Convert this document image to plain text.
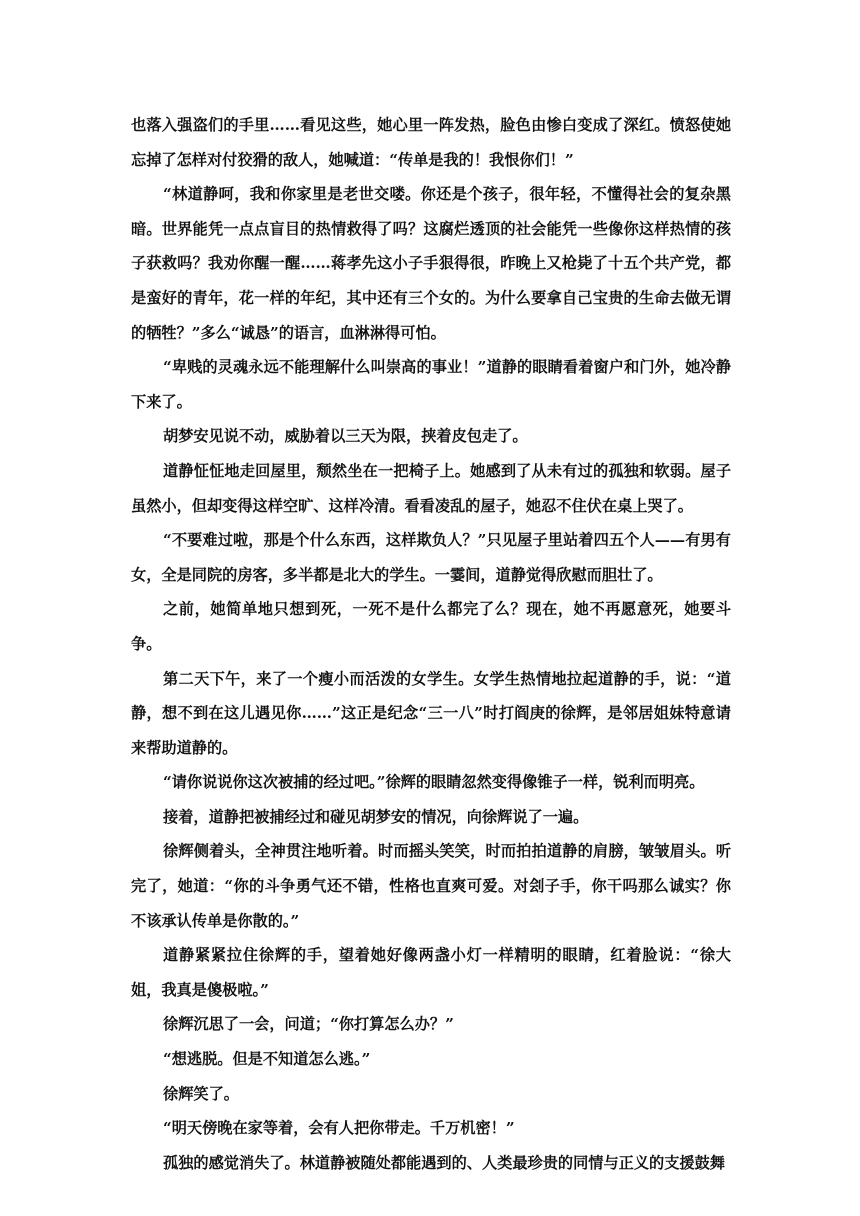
也落入强盗们的手里……看见这些，她心里一阵发热，脸色由惨白变成了深红。愤怒使她忘掉了怎样对付狡猾的敌人，她喊道：“传单是我的！我恨你们！”

“林道静呵，我和你家里是老世交喽。你还是个孩子，很年轻，不懂得社会的复杂黑暗。世界能凭一点点盲目的热情救得了吗？这腐烂透顶的社会能凭一些像你这样热情的孩子获救吗？我劝你醒一醒……蒋孝先这小子手狠得很，昨晚上又枪毙了十五个共产党，都是蛮好的青年，花一样的年纪，其中还有三个女的。为什么要拿自己宝贵的生命去做无谓的牺牲？”多么“诚恳”的语言，血淋淋得可怕。

“卑贱的灵魂永远不能理解什么叫崇高的事业！”道静的眼睛看着窗户和门外，她冷静下来了。

胡梦安见说不动，威胁着以三天为限，挟着皮包走了。

道静怔怔地走回屋里，颓然坐在一把椅子上。她感到了从未有过的孤独和软弱。屋子虽然小，但却变得这样空旷、这样冷清。看看凌乱的屋子，她忍不住伏在桌上哭了。

“不要难过啦，那是个什么东西，这样欺负人？”只见屋子里站着四五个人——有男有女，全是同院的房客，多半都是北大的学生。一霎间，道静觉得欣慰而胆壮了。

之前，她简单地只想到死，一死不是什么都完了么？现在，她不再愿意死，她要斗争。

第二天下午，来了一个瘦小而活泼的女学生。女学生热情地拉起道静的手，说：“道静，想不到在这儿遇见你……”这正是纪念“三一八”时打阎庚的徐辉，是邻居姐妹特意请来帮助道静的。

“请你说说你这次被捕的经过吧。”徐辉的眼睛忽然变得像锥子一样，锐利而明亮。

接着，道静把被捕经过和碰见胡梦安的情况，向徐辉说了一遍。

徐辉侧着头，全神贯注地听着。时而摇头笑笑，时而拍拍道静的肩膀，皱皱眉头。听完了，她道：“你的斗争勇气还不错，性格也直爽可爱。对刽子手，你干吗那么诚实？你不该承认传单是你散的。”

道静紧紧拉住徐辉的手，望着她好像两盏小灯一样精明的眼睛，红着脸说：“徐大姐，我真是傻极啦。”

徐辉沉思了一会，问道；“你打算怎么办？”

“想逃脱。但是不知道怎么逃。”

徐辉笑了。

“明天傍晚在家等着，会有人把你带走。千万机密！”

孤独的感觉消失了。林道静被随处都能遇到的、人类最珍贵的同情与正义的支援鼓舞
